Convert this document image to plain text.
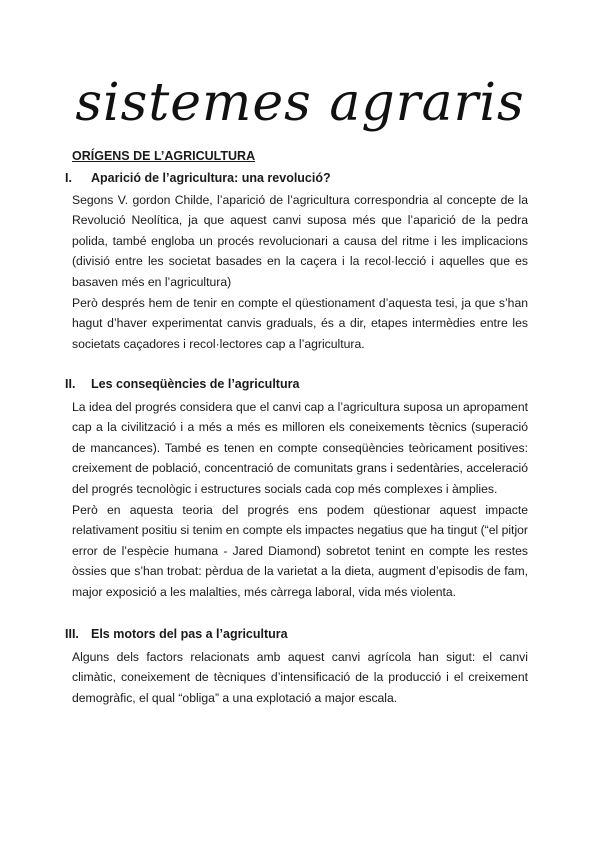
sistemes agraris
ORÍGENS DE L’AGRICULTURA
I.	Aparició de l’agricultura: una revolució?

Segons V. gordon Childe, l’aparició de l’agricultura correspondria al concepte de la Revolució Neolítica, ja que aquest canvi suposa més que l’aparició de la pedra polida, també engloba un procés revolucionari a causa del ritme i les implicacions (divisió entre les societat basades en la caçera i la recol·lecció i aquelles que es basaven més en l’agricultura)

Però després hem de tenir en compte el qüestionament d’aquesta tesi, ja que s’han hagut d’haver experimentat canvis graduals, és a dir, etapes intermèdies entre les societats caçadores i recol·lectores cap a l’agricultura.

II.	Les conseqüències de l’agricultura

La idea del progrés considera que el canvi cap a l’agricultura suposa un apropament cap a la civilització i a més a més es milloren els coneixements tècnics (superació de mancances). També es tenen en compte conseqüències teòricament positives: creixement de població, concentració de comunitats grans i sedentàries, acceleració del progrés tecnològic i estructures socials cada cop més complexes i àmplies.

Però en aquesta teoria del progrés ens podem qüestionar aquest impacte relativament positiu si tenim en compte els impactes negatius que ha tingut (“el pitjor error de l’espècie humana - Jared Diamond) sobretot tenint en compte les restes òssies que s’han trobat: pèrdua de la varietat a la dieta, augment d’episodis de fam, major exposició a les malalties, més càrrega laboral, vida més violenta.

III. Els motors del pas a l’agricultura

Alguns dels factors relacionats amb aquest canvi agrícola han sigut: el canvi climàtic, coneixement de tècniques d’intensificació de la producció i el creixement demogràfic, el qual “obliga” a una explotació a major escala.
